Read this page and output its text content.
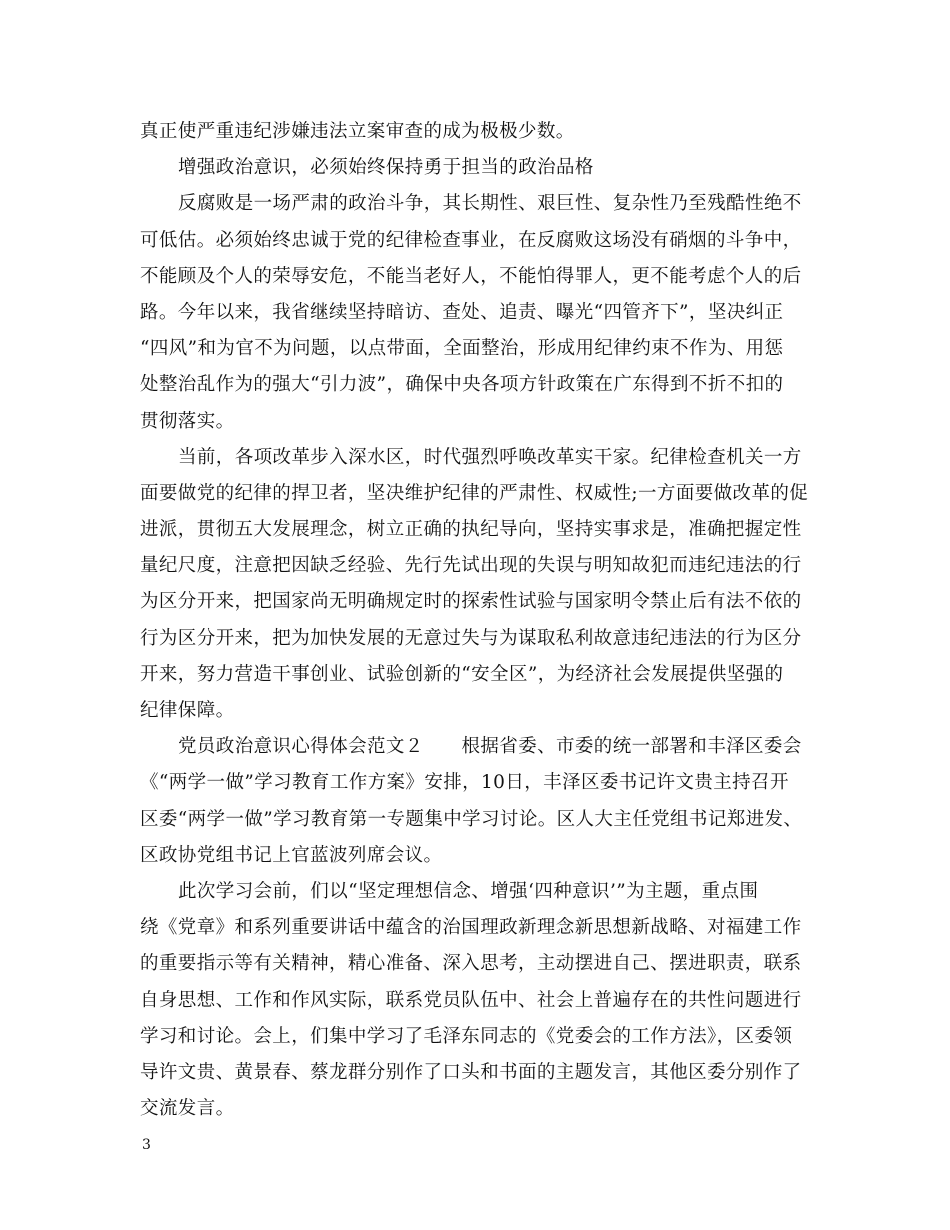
真正使严重违纪涉嫌违法立案审查的成为极极少数。
增强政治意识，必须始终保持勇于担当的政治品格
反腐败是一场严肃的政治斗争，其长期性、艰巨性、复杂性乃至残酷性绝不
可低估。必须始终忠诚于党的纪律检查事业，在反腐败这场没有硝烟的斗争中，
不能顾及个人的荣辱安危，不能当老好人，不能怕得罪人，更不能考虑个人的后
路。今年以来，我省继续坚持暗访、查处、追责、曝光“四管齐下”，坚决纠正
“四风”和为官不为问题，以点带面，全面整治，形成用纪律约束不作为、用惩
处整治乱作为的强大“引力波”，确保中央各项方针政策在广东得到不折不扣的
贯彻落实。
当前，各项改革步入深水区，时代强烈呼唤改革实干家。纪律检查机关一方
面要做党的纪律的捍卫者，坚决维护纪律的严肃性、权威性;一方面要做改革的促
进派，贯彻五大发展理念，树立正确的执纪导向，坚持实事求是，准确把握定性
量纪尺度，注意把因缺乏经验、先行先试出现的失误与明知故犯而违纪违法的行
为区分开来，把国家尚无明确规定时的探索性试验与国家明令禁止后有法不依的
行为区分开来，把为加快发展的无意过失与为谋取私利故意违纪违法的行为区分
开来，努力营造干事创业、试验创新的“安全区”，为经济社会发展提供坚强的
纪律保障。
党员政治意识心得体会范文２　　根据省委、市委的统一部署和丰泽区委会
《“两学一做”学习教育工作方案》安排，10日，丰泽区委书记许文贵主持召开
区委“两学一做”学习教育第一专题集中学习讨论。区人大主任党组书记郑进发、
区政协党组书记上官蓝波列席会议。
此次学习会前，们以“坚定理想信念、增强‘四种意识’”为主题，重点围
绕《党章》和系列重要讲话中蕴含的治国理政新理念新思想新战略、对福建工作
的重要指示等有关精神，精心准备、深入思考，主动摆进自己、摆进职责，联系
自身思想、工作和作风实际，联系党员队伍中、社会上普遍存在的共性问题进行
学习和讨论。会上，们集中学习了毛泽东同志的《党委会的工作方法》，区委领
导许文贵、黄景春、蔡龙群分别作了口头和书面的主题发言，其他区委分别作了
交流发言。
3
